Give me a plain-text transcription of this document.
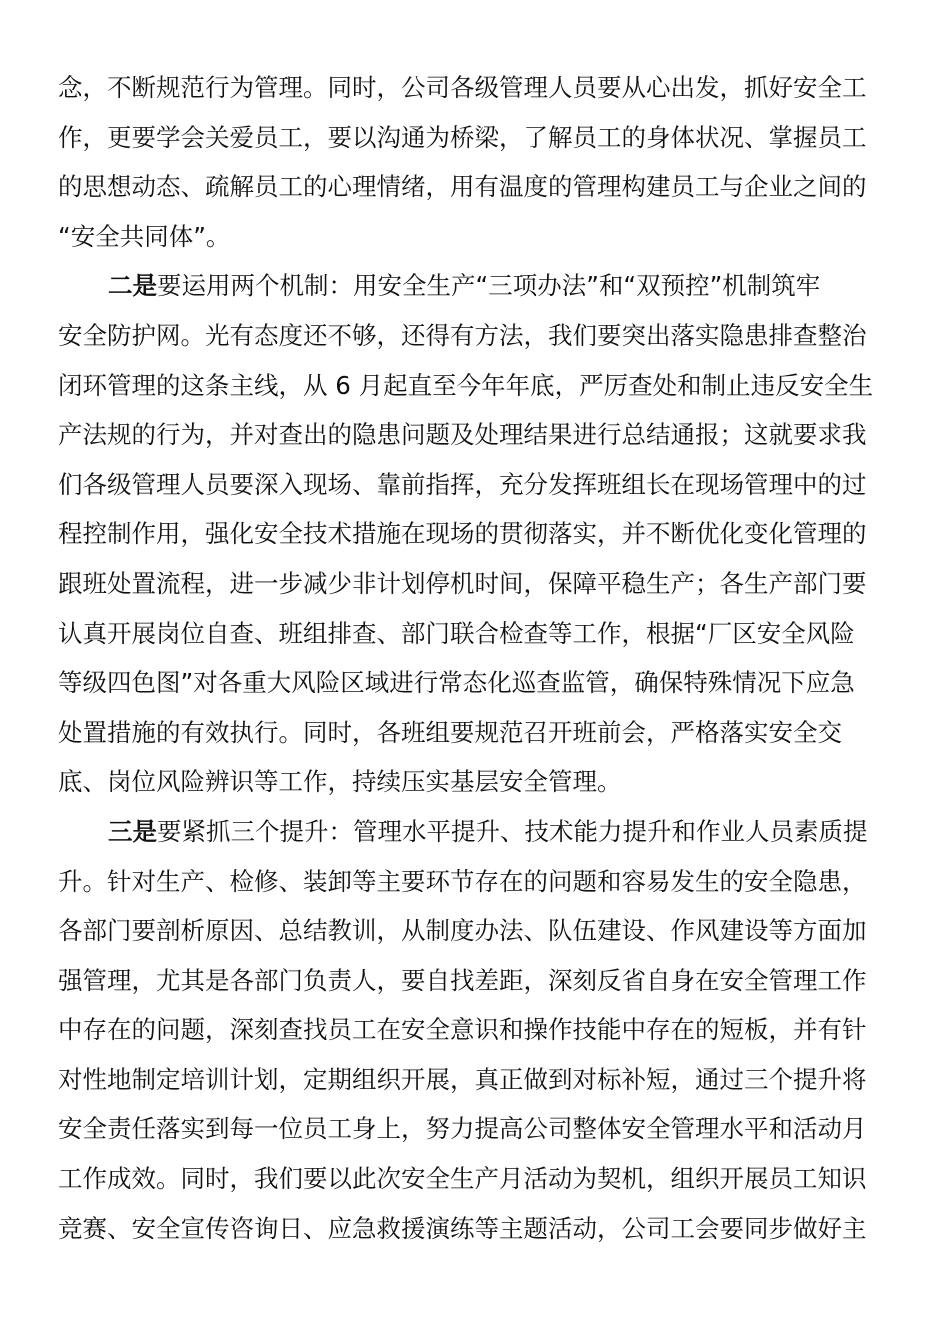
念，不断规范行为管理。同时，公司各级管理人员要从心出发，抓好安全工
作，更要学会关爱员工，要以沟通为桥梁，了解员工的身体状况、掌握员工
的思想动态、疏解员工的心理情绪，用有温度的管理构建员工与企业之间的
“安全共同体”。
二是要运用两个机制：用安全生产“三项办法”和“双预控”机制筑牢
安全防护网。光有态度还不够，还得有方法，我们要突出落实隐患排查整治
闭环管理的这条主线，从 6 月起直至今年年底，严厉查处和制止违反安全生
产法规的行为，并对查出的隐患问题及处理结果进行总结通报；这就要求我
们各级管理人员要深入现场、靠前指挥，充分发挥班组长在现场管理中的过
程控制作用，强化安全技术措施在现场的贯彻落实，并不断优化变化管理的
跟班处置流程，进一步减少非计划停机时间，保障平稳生产；各生产部门要
认真开展岗位自查、班组排查、部门联合检查等工作，根据“厂区安全风险
等级四色图”对各重大风险区域进行常态化巡查监管，确保特殊情况下应急
处置措施的有效执行。同时，各班组要规范召开班前会，严格落实安全交
底、岗位风险辨识等工作，持续压实基层安全管理。
三是要紧抓三个提升：管理水平提升、技术能力提升和作业人员素质提
升。针对生产、检修、装卸等主要环节存在的问题和容易发生的安全隐患，
各部门要剖析原因、总结教训，从制度办法、队伍建设、作风建设等方面加
强管理，尤其是各部门负责人，要自找差距，深刻反省自身在安全管理工作
中存在的问题，深刻查找员工在安全意识和操作技能中存在的短板，并有针
对性地制定培训计划，定期组织开展，真正做到对标补短，通过三个提升将
安全责任落实到每一位员工身上，努力提高公司整体安全管理水平和活动月
工作成效。同时，我们要以此次安全生产月活动为契机，组织开展员工知识
竞赛、安全宣传咨询日、应急救援演练等主题活动，公司工会要同步做好主
